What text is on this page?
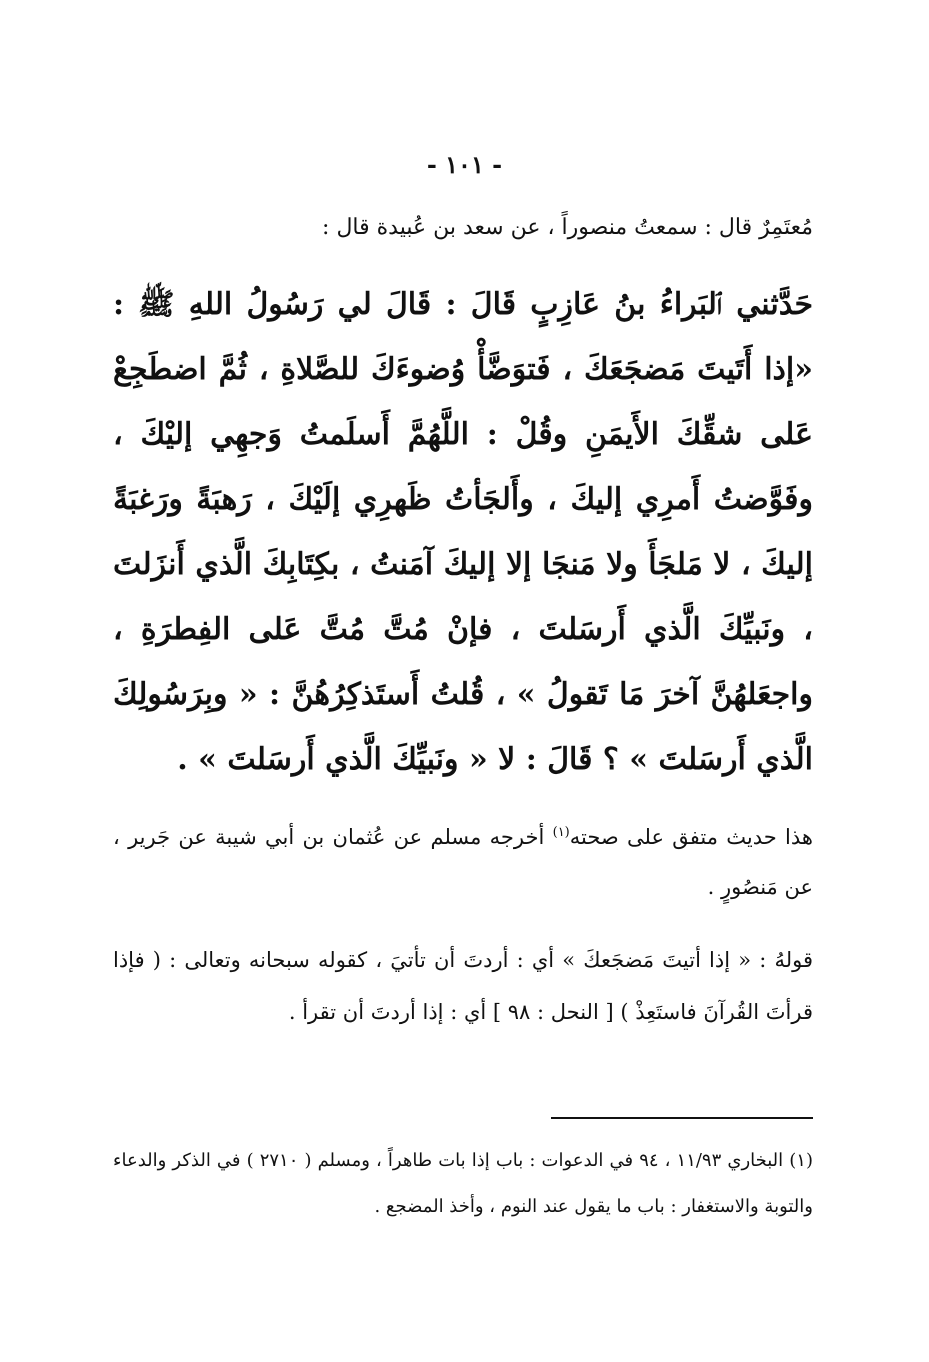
- ١٠١ -

مُعتَمِرٌ قال : سمعتُ منصوراً ، عن سعد بن عُبيدة قال :

حَدَّثني ٱلبَراءُ بنُ عَازِبٍ قَالَ : قَالَ لي رَسُولُ اللهِ ﷺ : «إذا أَتَيتَ مَضجَعَكَ ، فَتوَضَّأْ وُضوءَكَ للصَّلاةِ ، ثُمَّ اضطَجِعْ عَلى شقِّكَ الأَيمَنِ وقُلْ : اللَّهُمَّ أَسلَمتُ وَجهِي إليْكَ ، وفَوَّضتُ أَمرِي إليكَ ، وأَلجَأتُ ظَهرِي إلَيْكَ ، رَهبَةً ورَغبَةً إليكَ ، لا مَلجَأَ ولا مَنجَا إلا إليكَ آمَنتُ ، بكِتَابِكَ الَّذي أَنزَلتَ ، ونَبيِّكَ الَّذي أَرسَلتَ ، فإنْ مُتَّ مُتَّ عَلى الفِطرَةِ ، واجعَلهُنَّ آخرَ مَا تَقولُ » ، قُلتُ أَستَذكِرُهُنَّ : « وبِرَسُولِكَ الَّذي أَرسَلتَ » ؟ قَالَ : لا « ونَبيِّكَ الَّذي أَرسَلتَ » .

هذا حديث متفق على صحته$^{(١)}$ أخرجه مسلم عن عُثمان بن أبي شيبة عن جَرير ، عن مَنصُورٍ .

قولهُ : « إذا أتيتَ مَضجَعكَ » أي : أردتَ أن تأتيَ ، كقوله سبحانه وتعالى : ( فإذا قرأتَ القُرآنَ فاستَعِذْ ) [ النحل : ٩٨ ] أي : إذا أردتَ أن تقرأ .

(١) البخاري ١١/٩٣ ، ٩٤ في الدعوات : باب إذا بات طاهراً ، ومسلم ( ٢٧١٠ ) في الذكر والدعاء والتوبة والاستغفار : باب ما يقول عند النوم ، وأخذ المضجع .
